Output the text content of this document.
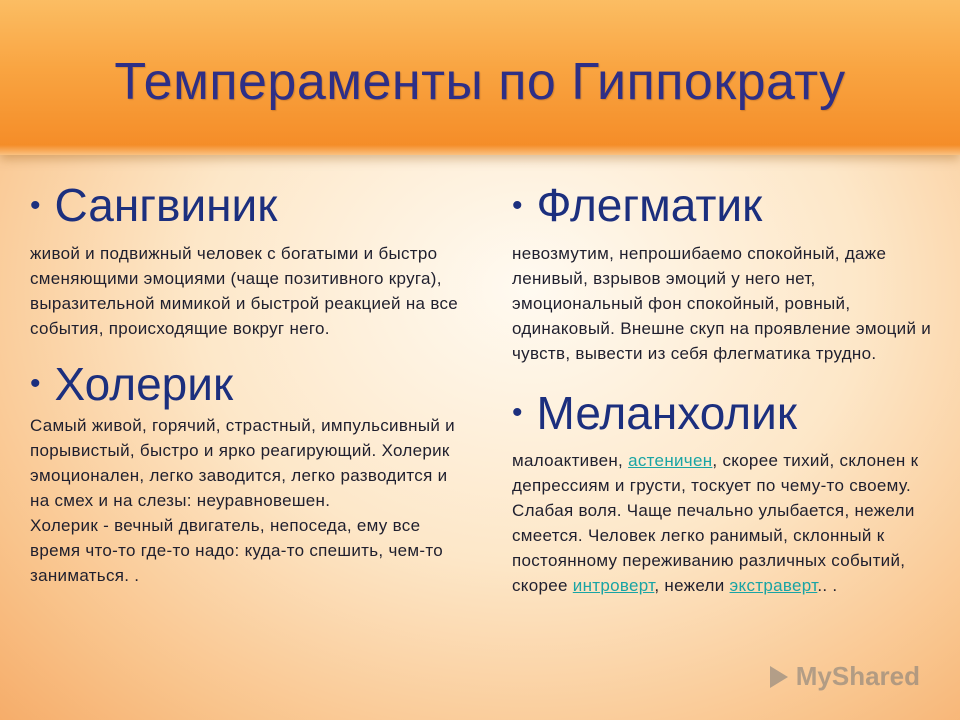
Темпераменты по Гиппократу

• Сангвиник

живой и подвижный человек с богатыми и быстро сменяющими эмоциями (чаще позитивного круга), выразительной мимикой и быстрой реакцией на все события, происходящие вокруг него.

• Холерик

Самый живой, горячий, страстный, импульсивный и порывистый, быстро и ярко реагирующий. Холерик эмоционален, легко заводится, легко разводится и на смех и на слезы: неуравновешен.
Холерик - вечный двигатель, непоседа, ему все время что-то где-то надо: куда-то спешить, чем-то заниматься. .

• Флегматик

невозмутим, непрошибаемо спокойный, даже ленивый, взрывов эмоций у него нет, эмоциональный фон спокойный, ровный, одинаковый. Внешне скуп на проявление эмоций и чувств, вывести из себя флегматика трудно.

• Меланхолик

малоактивен, астеничен, скорее тихий, склонен к депрессиям и грусти, тоскует по чему-то своему. Слабая воля. Чаще печально улыбается, нежели смеется. Человек легко ранимый, склонный к постоянному переживанию различных событий, скорее интроверт, нежели экстраверт.. .

MyShared
